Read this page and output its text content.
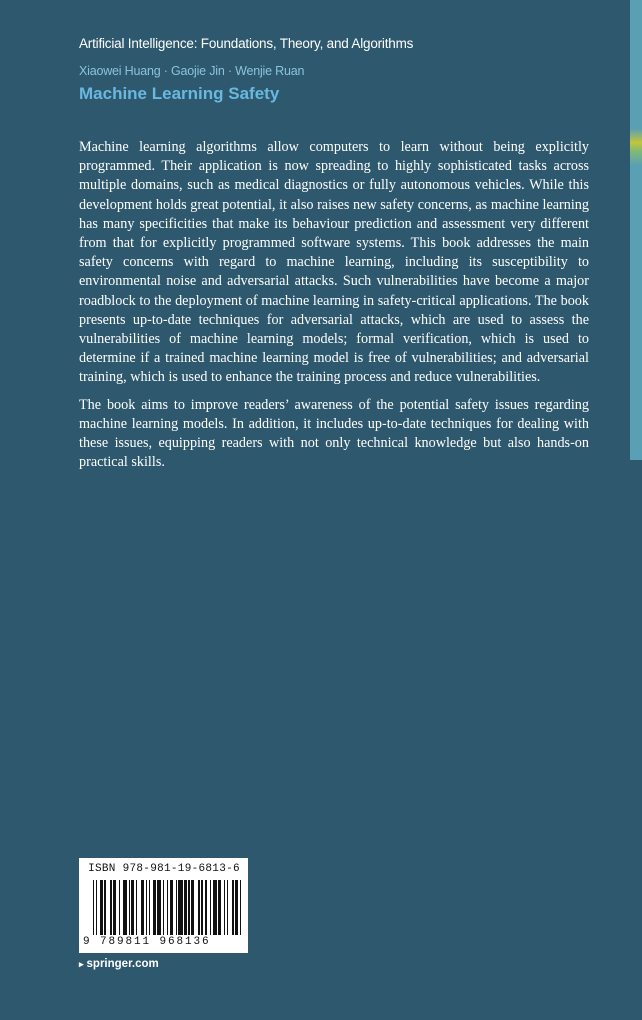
Artificial Intelligence: Foundations, Theory, and Algorithms
Xiaowei Huang · Gaojie Jin · Wenjie Ruan
Machine Learning Safety

Machine learning algorithms allow computers to learn without being explicitly programmed. Their application is now spreading to highly sophisticated tasks across multiple domains, such as medical diagnostics or fully autonomous vehicles. While this development holds great potential, it also raises new safety concerns, as machine learning has many specificities that make its behaviour prediction and assessment very different from that for explicitly programmed software systems. This book addresses the main safety concerns with regard to machine learning, including its susceptibility to environmental noise and adversarial attacks. Such vulnerabilities have become a major roadblock to the deployment of machine learning in safety-critical applications. The book presents up-to-date techniques for adversarial attacks, which are used to assess the vulnerabilities of machine learning models; formal verification, which is used to determine if a trained machine learning model is free of vulnerabilities; and adversarial training, which is used to enhance the training process and reduce vulnerabilities.

The book aims to improve readers’ awareness of the potential safety issues regarding machine learning models. In addition, it includes up-to-date techniques for dealing with these issues, equipping readers with not only technical knowledge but also hands-on practical skills.

ISBN 978-981-19-6813-6
9 789811 968136
▸ springer.com
